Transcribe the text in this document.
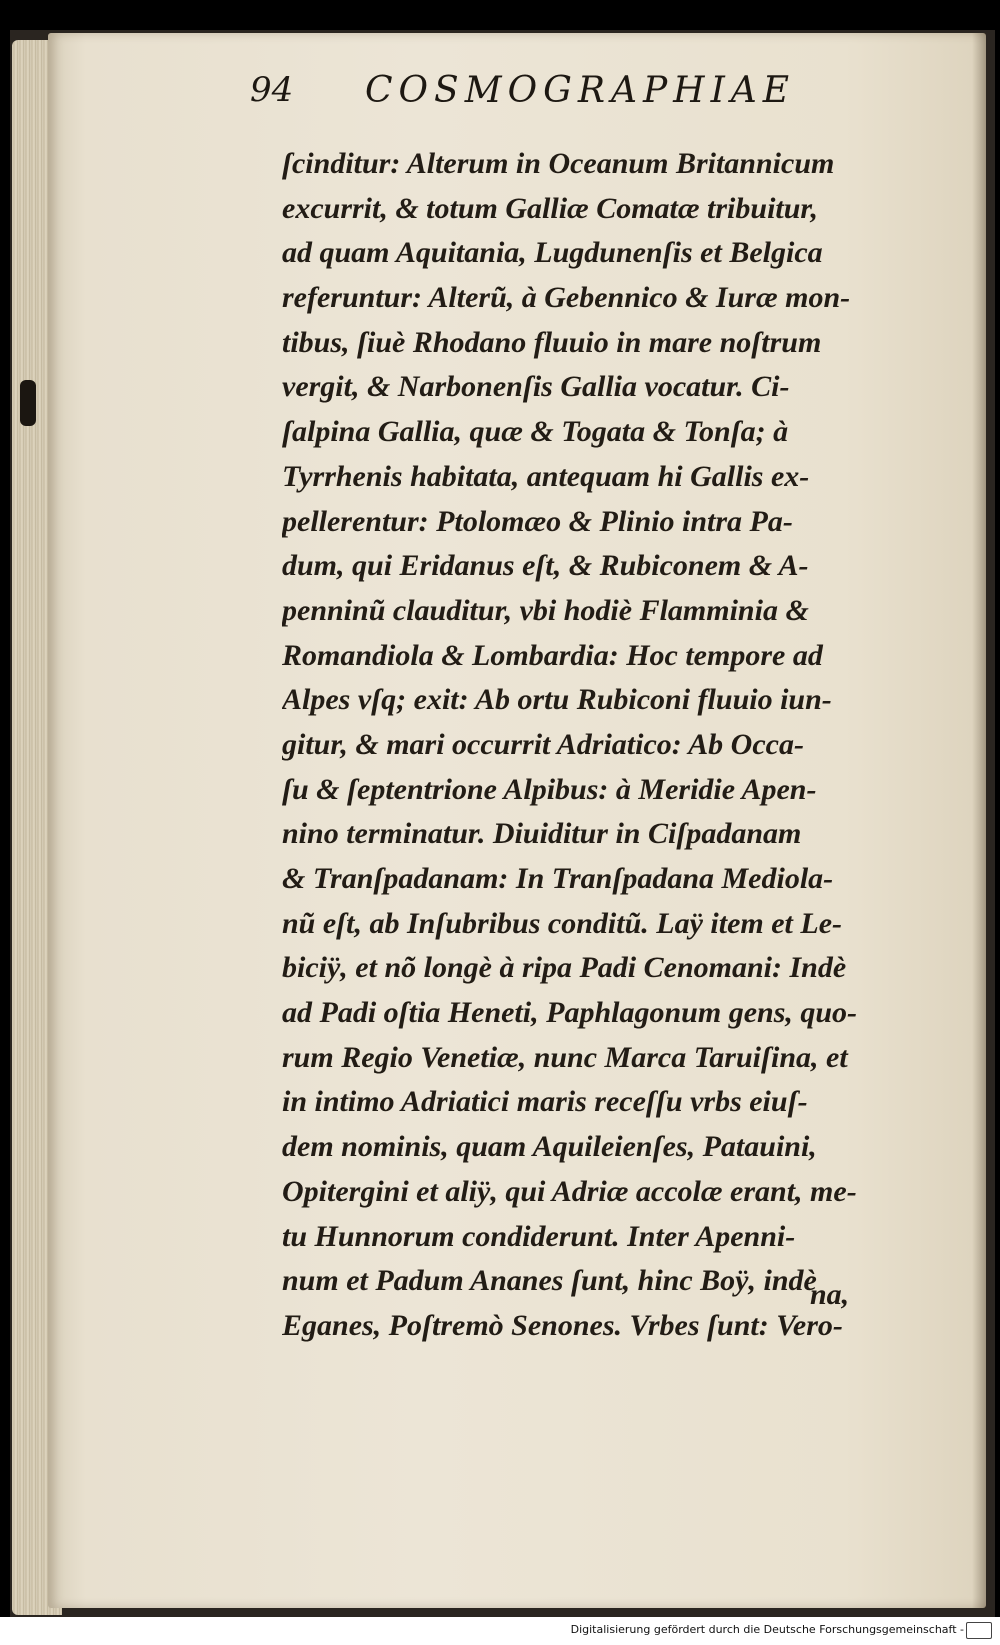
94 COSMOGRAPHIAE
ſcinditur: Alterum in Oceanum Britannicum
excurrit, & totum Galliæ Comatæ tribuitur,
ad quam Aquitania, Lugdunenſis et Belgica
referuntur: Alterũ, à Gebennico & Iuræ mon-
tibus, ſiuè Rhodano fluuio in mare noſtrum
vergit, & Narbonenſis Gallia vocatur. Ci-
ſalpina Gallia, quæ & Togata & Tonſa; à
Tyrrhenis habitata, antequam hi Gallis ex-
pellerentur: Ptolomæo & Plinio intra Pa-
dum, qui Eridanus eſt, & Rubiconem & A-
penninũ clauditur, vbi hodiè Flamminia &
Romandiola & Lombardia: Hoc tempore ad
Alpes vſq; exit: Ab ortu Rubiconi fluuio iun-
gitur, & mari occurrit Adriatico: Ab Occa-
ſu & ſeptentrione Alpibus: à Meridie Apen-
nino terminatur. Diuiditur in Ciſpadanam
& Tranſpadanam: In Tranſpadana Mediola-
nũ eſt, ab Inſubribus conditũ. Laÿ item et Le-
biciÿ, et nõ longè à ripa Padi Cenomani: Indè
ad Padi oſtia Heneti, Paphlagonum gens, quo-
rum Regio Venetiæ, nunc Marca Taruiſina, et
in intimo Adriatici maris receſſu vrbs eiuſ-
dem nominis, quam Aquileienſes, Patauini,
Opitergini et aliÿ, qui Adriæ accolæ erant, me-
tu Hunnorum condiderunt. Inter Apenni-
num et Padum Ananes ſunt, hinc Boÿ, indè
Eganes, Poſtremò Senones. Vrbes ſunt: Vero-
na,
Digitalisierung gefördert durch die Deutsche Forschungsgemeinschaft -
